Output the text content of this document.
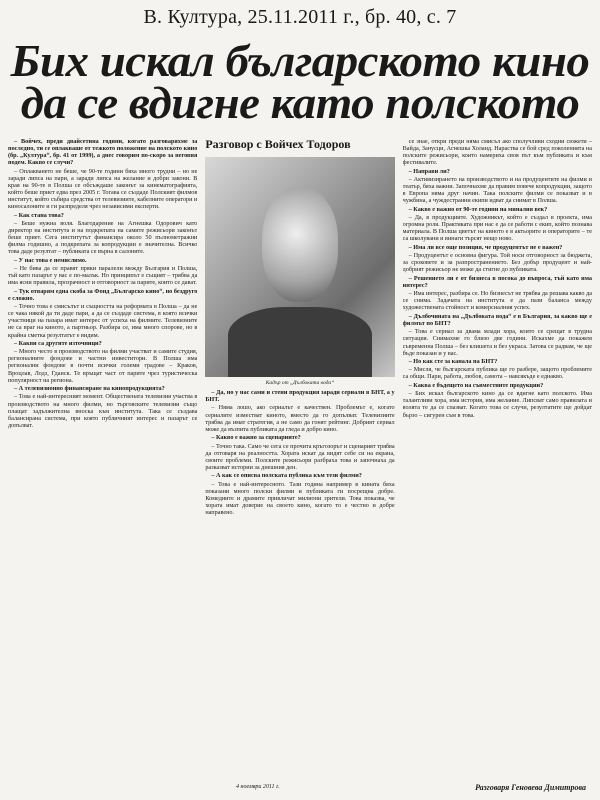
В. Култура, 25.11.2011 г., бр. 40, с. 7
Бих искал българското кино
да се вдигне като полското

– Войчех, преди двайсетина години, когато разговаряхме за последно, ти се оплакваше от тежкото положение на полското кино (бр. „Култура“, бр. 41 от 1999), а днес говорим по-скоро за неговия подем. Какво се случи?

– Оплакването не беше, че 90-те години бяха много трудни – но не заради липса на пари, а заради липса на желание и добри закони. В края на 90-те в Полша се обсъждаше законът за кинематографията, който беше приет едва през 2005 г. Тогава се създаде Полският филмов институт, който събира средства от телевизиите, кабелните оператори и киносалоните и ги разпределя чрез независими експерти.

– Как стана това?

– Беше нужна воля. Благодарение на Агнешка Одорович като директор на института и на подкрепата на самите режисьори законът беше приет. Сега институтът финансира около 50 пълнометражни филма годишно, а подкрепата за копродукции е значителна. Всичко това даде резултат – публиката се върна в салоните.

– У нас това е немислимо.

– Не бива да се правят пряки паралели между България и Полша, тъй като пазарът у вас е по-малък. Но принципът е същият – трябва да има ясни правила, прозрачност и отговорност за парите, които се дават.

– Тук отварям една скоба за Фонд „Българско кино“, но бездруго е сложно.

– Точно това е смисълът и същността на реформата в Полша – да не се чака някой да ти даде пари, а да се създаде система, в която всички участници на пазара имат интерес от успеха на филмите. Телевизиите не са враг на киното, а партньор. Разбира се, има много спорове, но в крайна сметка резултатът е видим.

– Какви са другите източници?

– Много често в производството на филми участват и самите студия, регионалните фондове и частни инвеститори. В Полша има регионални фондове в почти всички големи градове – Краков, Вроцлав, Лодз, Гданск. Те връщат част от парите чрез туристическа популярност на региона.

– А телевизионно финансиране на кинопродукцията?

– Това е най-интересният момент. Обществената телевизия участва в производството на много филми, но търговските телевизии също плащат задължителна вноска към института. Така се създава балансирана система, при която публичният интерес и пазарът се допълват.

Разговор с Войчех Тодоров
Кадър от „Дълбоката вода“

– Да, но у нас сами и стени продукция заради сериали в БНТ, а у БНТ.

– Няма лошо, ако сериалът е качествен. Проблемът е, когато сериалите изместват киното, вместо да го допълват. Телевизиите трябва да имат стратегия, а не само да гонят рейтинг. Добрият сериал може да възпита публиката да гледа и добро кино.

– Какво е важно за сценариите?

– Точно така. Само че сега се прочита кръгозорът и сценарият трябва да отговаря на реалността. Хората искат да видят себе си на екрана, своите проблеми. Полските режисьори разбраха това и започнаха да разказват истории за днешния ден.

– А как се описва полската публика към тези филми?

– Това е най-интересното. Тази година например в кината бяха показани много полски филми и публиката ги посрещна добре. Комедиите и драмите привличат милиони зрители. Това показва, че хората имат доверие на своето кино, когато то е честно и добре направено.

се знае, откри преди няма смисъл ако сполучливи сходни сюжети – Вайда, Занусци, Агнешка Холанд. Нараства се бой сред поколенията на полските режисьори, които намериха своя път към публиката и към фестивалите.

– Направи ли?

– Активизирането на производството и на продуцентите на филми и театър, бяха важни. Започнахме да правим повече копродукции, защото в Европа няма друг начин. Така полските филми се показват и в чужбина, а чуждестранни екипи идват да снимат в Полша.

– Какво е важно от 90-те години на миналия век?

– Да, в продукциите. Художникът, който е създал в проекта, има огромна роля. Практиката при нас е да се работи с екип, който познава материала. В Полша цветът на киното е в актьорите и операторите – те са школувани и винаги търсят нещо ново.

– Има ли все още позиция, че продуцентът не е важен?

– Продуцентът е основна фигура. Той носи отговорност за бюджета, за сроковете и за разпространението. Без добър продуцент и най-добрият режисьор не може да стигне до публиката.

– Решението ли е от бизнеса в посока до въпроса, тъй като има интерес?

– Има интерес, разбира се. Но бизнесът не трябва да решава какво да се снима. Задачата на института е да пази баланса между художествената стойност и комерсиалния успех.

– Дълбочината на „Дълбоката вода“ е в България, за какво ще е филмът по БНТ?

– Това е сериал за двама млади хора, които се срещат в трудна ситуация. Снимахме го близо две години. Искахме да покажем съвременна Полша – без клишета и без украса. Затова се радвам, че ще бъде показан и у вас.

– Но как сте за канала на БНТ?

– Мисля, че българската публика ще го разбере, защото проблемите са общи. Пари, работа, любов, самота – навсякъде е еднакво.

– Каква е бъдещето на съвместните продукции?

– Бих искал българското кино да се вдигне като полското. Има талантливи хора, има история, има желание. Липсват само правилата и волята те да се спазват. Когато това се случи, резултатите ще дойдат бързо – сигурен съм в това.

4 ноември 2011 г.	Разговаря Геновева Димитрова
